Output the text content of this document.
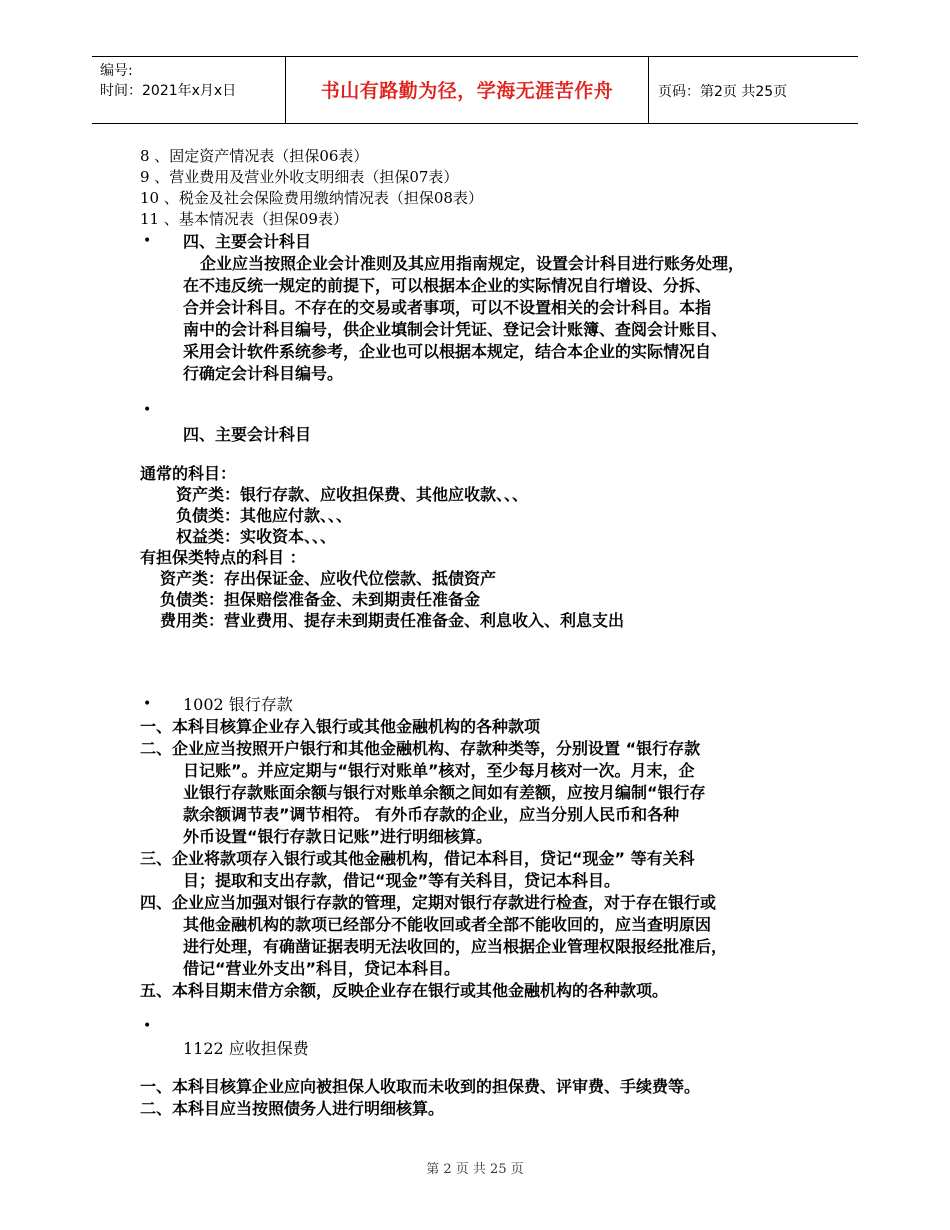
编号:
时间：2021年x月x日	书山有路勤为径，学海无涯苦作舟	页码：第2页 共25页
8 、固定资产情况表（担保06表）
9 、营业费用及营业外收支明细表（担保07表）
10 、税金及社会保险费用缴纳情况表（担保08表）
11 、基本情况表（担保09表）
• 四、主要会计科目
企业应当按照企业会计准则及其应用指南规定，设置会计科目进行账务处理，
在不违反统一规定的前提下，可以根据本企业的实际情况自行增设、分拆、
合并会计科目。不存在的交易或者事项，可以不设置相关的会计科目。本指
南中的会计科目编号，供企业填制会计凭证、登记会计账簿、查阅会计账目、
采用会计软件系统参考，企业也可以根据本规定，结合本企业的实际情况自
行确定会计科目编号。
•
四、主要会计科目
通常的科目：
资产类：银行存款、应收担保费、其他应收款、、、
负债类：其他应付款、、、
权益类：实收资本、、、
有担保类特点的科目 ：
资产类：存出保证金、应收代位偿款、抵债资产
负债类：担保赔偿准备金、未到期责任准备金
费用类：营业费用、提存未到期责任准备金、利息收入、利息支出
• 1002 银行存款
一、本科目核算企业存入银行或其他金融机构的各种款项
二、企业应当按照开户银行和其他金融机构、存款种类等，分别设置 “银行存款
日记账”。并应定期与“银行对账单”核对，至少每月核对一次。月末，企
业银行存款账面余额与银行对账单余额之间如有差额，应按月编制“银行存
款余额调节表”调节相符。 有外币存款的企业，应当分别人民币和各种
外币设置“银行存款日记账”进行明细核算。
三、企业将款项存入银行或其他金融机构，借记本科目，贷记“现金” 等有关科
目；提取和支出存款，借记“现金”等有关科目，贷记本科目。
四、企业应当加强对银行存款的管理，定期对银行存款进行检查，对于存在银行或
其他金融机构的款项已经部分不能收回或者全部不能收回的，应当查明原因
进行处理，有确凿证据表明无法收回的，应当根据企业管理权限报经批准后，
借记“营业外支出”科目，贷记本科目。
五、本科目期末借方余额，反映企业存在银行或其他金融机构的各种款项。
•
1122 应收担保费
一、本科目核算企业应向被担保人收取而未收到的担保费、评审费、手续费等。
二、本科目应当按照债务人进行明细核算。
第 2 页 共 25 页
